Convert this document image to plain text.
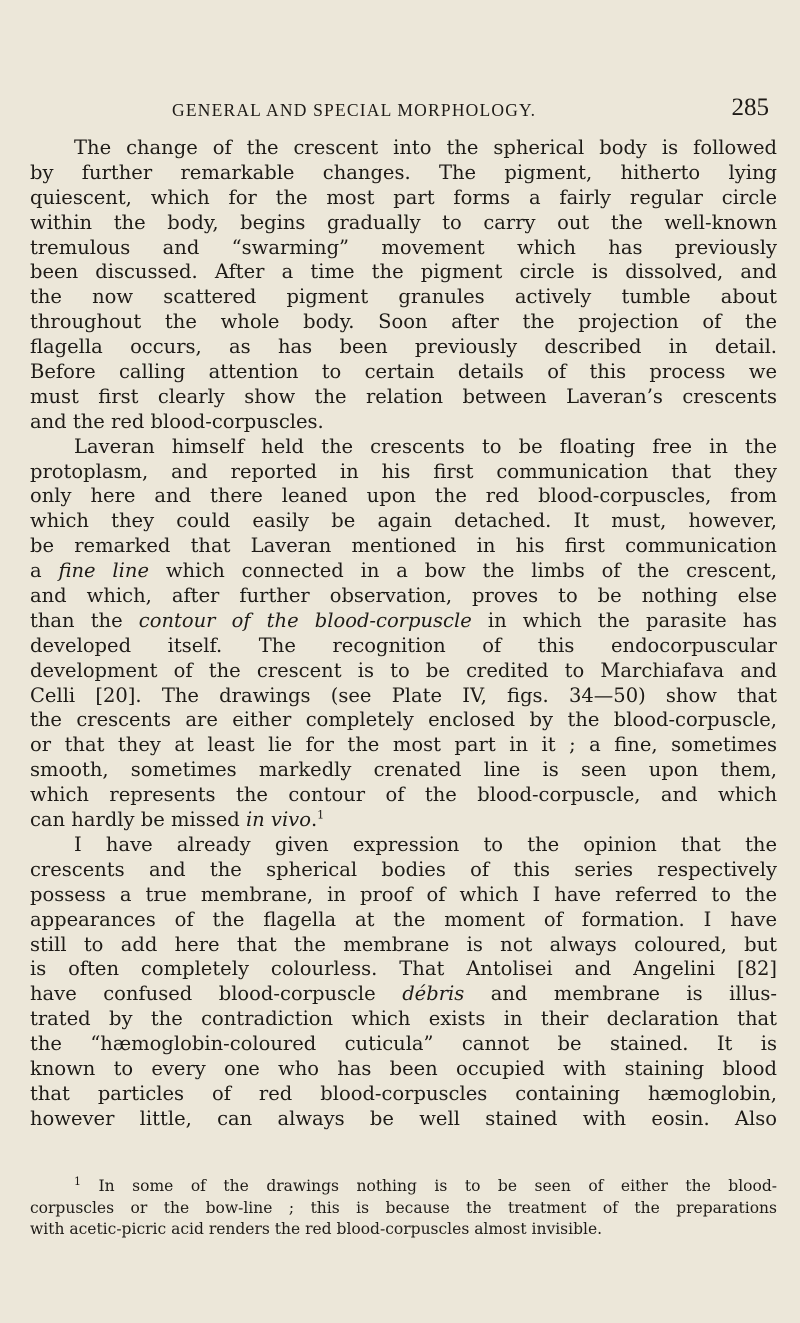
GENERAL AND SPECIAL MORPHOLOGY.	285
The change of the crescent into the spherical body is followed
by further remarkable changes. The pigment, hitherto lying
quiescent, which for the most part forms a fairly regular circle
within the body, begins gradually to carry out the well-known
tremulous and “swarming” movement which has previously
been discussed. After a time the pigment circle is dissolved, and
the now scattered pigment granules actively tumble about
throughout the whole body. Soon after the projection of the
flagella occurs, as has been previously described in detail.
Before calling attention to certain details of this process we
must first clearly show the relation between Laveran’s crescents
and the red blood-corpuscles.
Laveran himself held the crescents to be floating free in the
protoplasm, and reported in his first communication that they
only here and there leaned upon the red blood-corpuscles, from
which they could easily be again detached. It must, however,
be remarked that Laveran mentioned in his first communication
a fine line which connected in a bow the limbs of the crescent,
and which, after further observation, proves to be nothing else
than the contour of the blood-corpuscle in which the parasite has
developed itself. The recognition of this endocorpuscular
development of the crescent is to be credited to Marchiafava and
Celli [20]. The drawings (see Plate IV, figs. 34—50) show that
the crescents are either completely enclosed by the blood-corpuscle,
or that they at least lie for the most part in it ; a fine, sometimes
smooth, sometimes markedly crenated line is seen upon them,
which represents the contour of the blood-corpuscle, and which
can hardly be missed in vivo.$^1$
I have already given expression to the opinion that the
crescents and the spherical bodies of this series respectively
possess a true membrane, in proof of which I have referred to the
appearances of the flagella at the moment of formation. I have
still to add here that the membrane is not always coloured, but
is often completely colourless. That Antolisei and Angelini [82]
have confused blood-corpuscle débris and membrane is illus-
trated by the contradiction which exists in their declaration that
the “hæmoglobin-coloured cuticula” cannot be stained. It is
known to every one who has been occupied with staining blood
that particles of red blood-corpuscles containing hæmoglobin,
however little, can always be well stained with eosin. Also
$^1$ In some of the drawings nothing is to be seen of either the blood-
corpuscles or the bow-line ; this is because the treatment of the preparations
with acetic-picric acid renders the red blood-corpuscles almost invisible.
